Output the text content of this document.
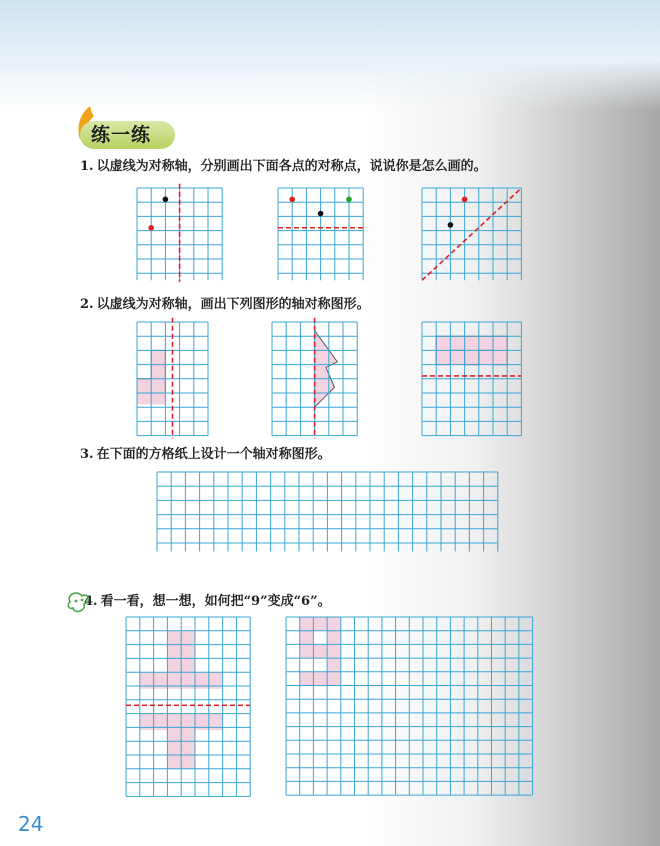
练一练
1. 以虚线为对称轴，分别画出下面各点的对称点，说说你是怎么画的。
2. 以虚线为对称轴，画出下列图形的轴对称图形。
3. 在下面的方格纸上设计一个轴对称图形。
4. 看一看，想一想，如何把“9”变成“6”。
24
